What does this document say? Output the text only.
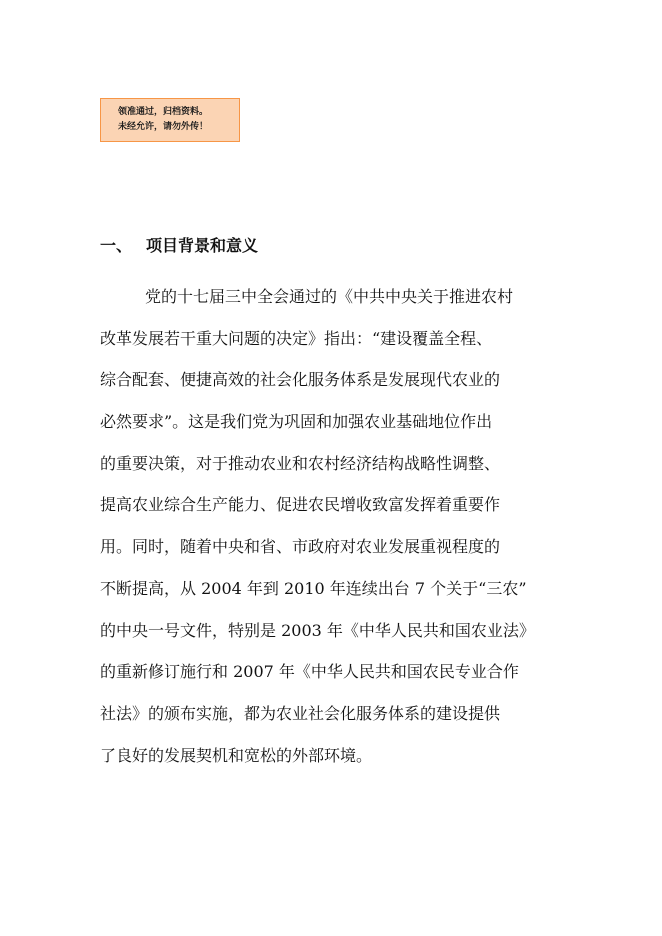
领准通过，归档资料。
未经允许，请勿外传！
一、 项目背景和意义
党的十七届三中全会通过的《中共中央关于推进农村
改革发展若干重大问题的决定》指出：“建设覆盖全程、
综合配套、便捷高效的社会化服务体系是发展现代农业的
必然要求”。这是我们党为巩固和加强农业基础地位作出
的重要决策，对于推动农业和农村经济结构战略性调整、
提高农业综合生产能力、促进农民增收致富发挥着重要作
用。同时，随着中央和省、市政府对农业发展重视程度的
不断提高，从 2004 年到 2010 年连续出台 7 个关于“三农”
的中央一号文件，特别是 2003 年《中华人民共和国农业法》
的重新修订施行和 2007 年《中华人民共和国农民专业合作
社法》的颁布实施，都为农业社会化服务体系的建设提供
了良好的发展契机和宽松的外部环境。
